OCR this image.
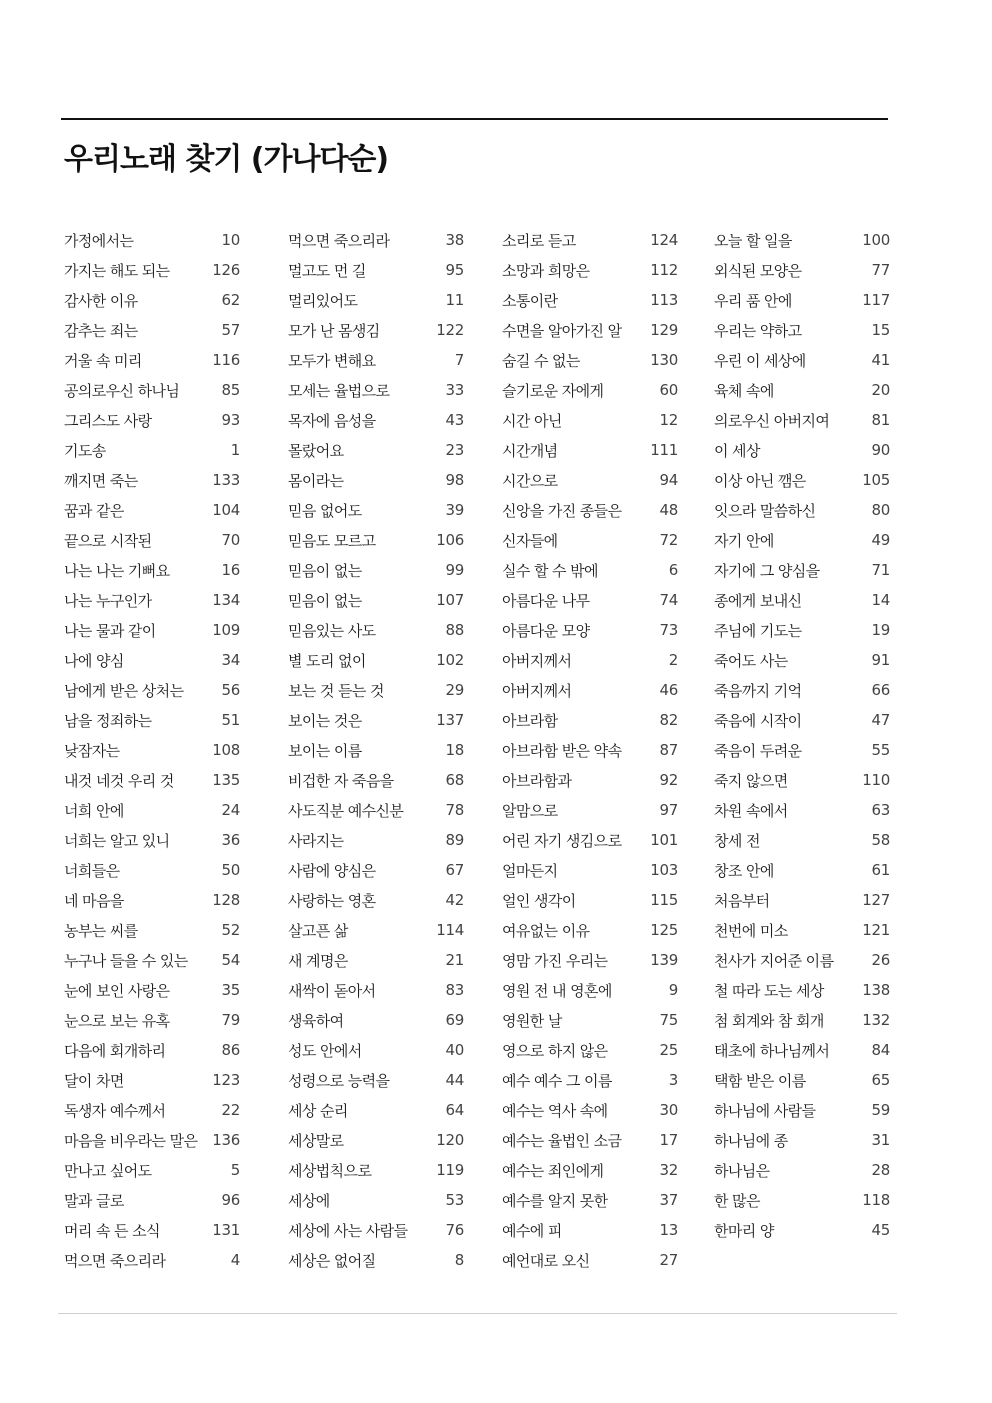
우리노래 찾기 (가나다순)
가정에서는	10
가지는 해도 되는	126
감사한 이유	62
감추는 죄는	57
거울 속 미리	116
공의로우신 하나님	85
그리스도 사랑	93
기도송	1
깨지면 죽는	133
꿈과 같은	104
끝으로 시작된	70
나는 나는 기뻐요	16
나는 누구인가	134
나는 물과 같이	109
나에 양심	34
남에게 받은 상처는	56
남을 정죄하는	51
낮잠자는	108
내것 네것 우리 것	135
너희 안에	24
너희는 알고 있니	36
너희들은	50
네 마음을	128
농부는 씨를	52
누구나 들을 수 있는 54
눈에 보인 사랑은	35
눈으로 보는 유혹	79
다음에 회개하리	86
달이 차면	123
독생자 예수께서	22
마음을 비우라는 말은 136
만나고 싶어도	5
말과 글로	96
머리 속 든 소식	131
먹으면 죽으리라	4
먹으면 죽으리라	38
멀고도 먼 길	95
멀리있어도	11
모가 난 몸생김	122
모두가 변해요	7
모세는 율법으로	33
목자에 음성을	43
몰랐어요	23
몸이라는	98
믿음 없어도	39
믿음도 모르고	106
믿음이 없는	99
믿음이 없는	107
믿음있는 사도	88
별 도리 없이	102
보는 것 듣는 것	29
보이는 것은	137
보이는 이름	18
비겁한 자 죽음을	68
사도직분 예수신분	78
사라지는	89
사람에 양심은	67
사랑하는 영혼	42
살고픈 삶	114
새 계명은	21
새싹이 돋아서	83
생육하여	69
성도 안에서	40
성령으로 능력을	44
세상 순리	64
세상말로	120
세상법칙으로	119
세상에	53
세상에 사는 사람들	76
세상은 없어질	8
소리로 듣고	124
소망과 희망은	112
소통이란	113
수면을 알아가진 알 129
숨길 수 없는	130
슬기로운 자에게	60
시간 아닌	12
시간개념	111
시간으로	94
신앙을 가진 종들은	48
신자들에	72
실수 할 수 밖에	6
아름다운 나무	74
아름다운 모양	73
아버지께서	2
아버지께서	46
아브라함	82
아브라함 받은 약속	87
아브라함과	92
알맘으로	97
어린 자기 생김으로 101
얼마든지	103
얼인 생각이	115
여유없는 이유	125
영맘 가진 우리는	139
영원 전 내 영혼에	9
영원한 날	75
영으로 하지 않은	25
예수 예수 그 이름	3
예수는 역사 속에	30
예수는 율법인 소금	17
예수는 죄인에게	32
예수를 알지 못한	37
예수에 피	13
예언대로 오신	27
오늘 할 일을	100
외식된 모양은	77
우리 품 안에	117
우리는 약하고	15
우린 이 세상에	41
육체 속에	20
의로우신 아버지여	81
이 세상	90
이상 아닌 깸은	105
잇으라 말씀하신	80
자기 안에	49
자기에 그 양심을	71
종에게 보내신	14
주님에 기도는	19
죽어도 사는	91
죽음까지 기억	66
죽음에 시작이	47
죽음이 두려운	55
죽지 않으면	110
차원 속에서	63
창세 전	58
창조 안에	61
처음부터	127
천번에 미소	121
천사가 지어준 이름	26
철 따라 도는 세상	138
첨 회계와 참 회개	132
태초에 하나님께서	84
택함 받은 이름	65
하나님에 사람들	59
하나님에 종	31
하나님은	28
한 많은	118
한마리 양	45
